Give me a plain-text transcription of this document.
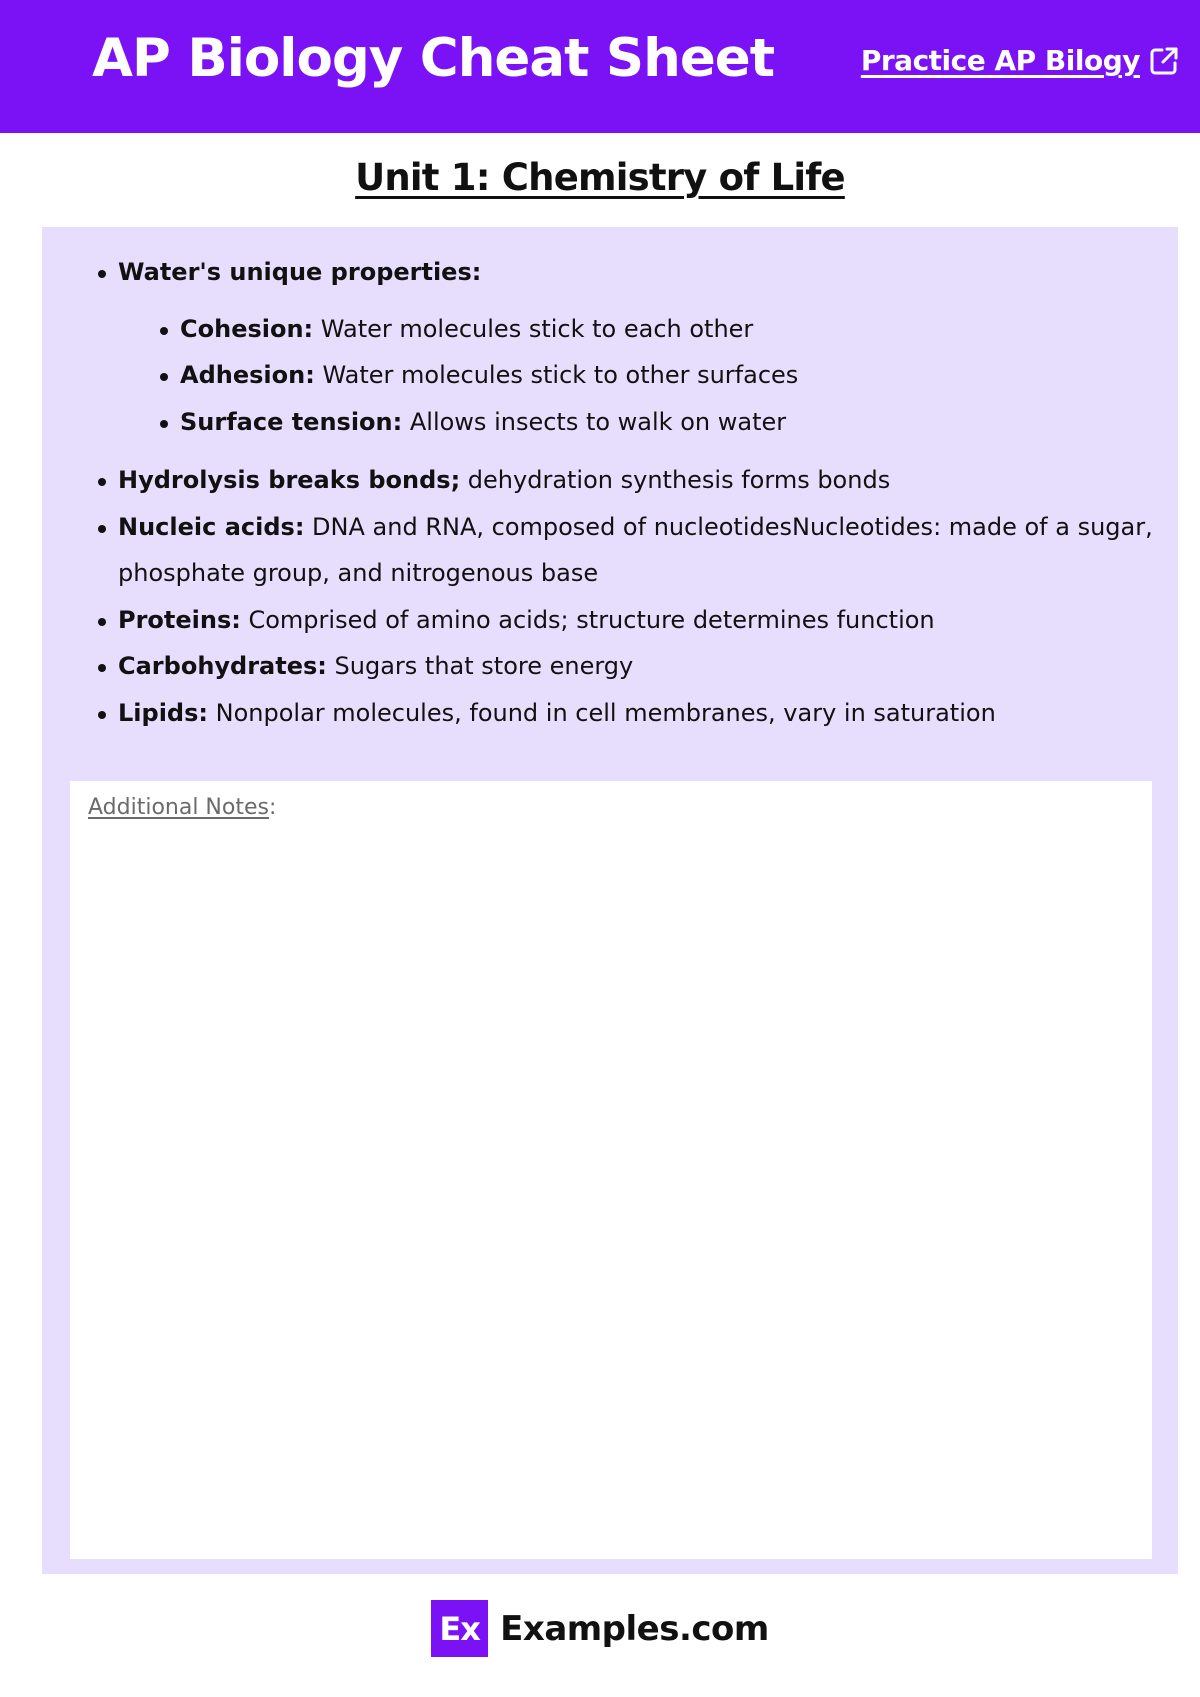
AP Biology Cheat Sheet	Practice AP Bilogy
Unit 1: Chemistry of Life
Water's unique properties:
Cohesion: Water molecules stick to each other
Adhesion: Water molecules stick to other surfaces
Surface tension: Allows insects to walk on water
Hydrolysis breaks bonds; dehydration synthesis forms bonds
Nucleic acids: DNA and RNA, composed of nucleotidesNucleotides: made of a sugar, phosphate group, and nitrogenous base
Proteins: Comprised of amino acids; structure determines function
Carbohydrates: Sugars that store energy
Lipids: Nonpolar molecules, found in cell membranes, vary in saturation
Additional Notes:
Ex Examples.com
